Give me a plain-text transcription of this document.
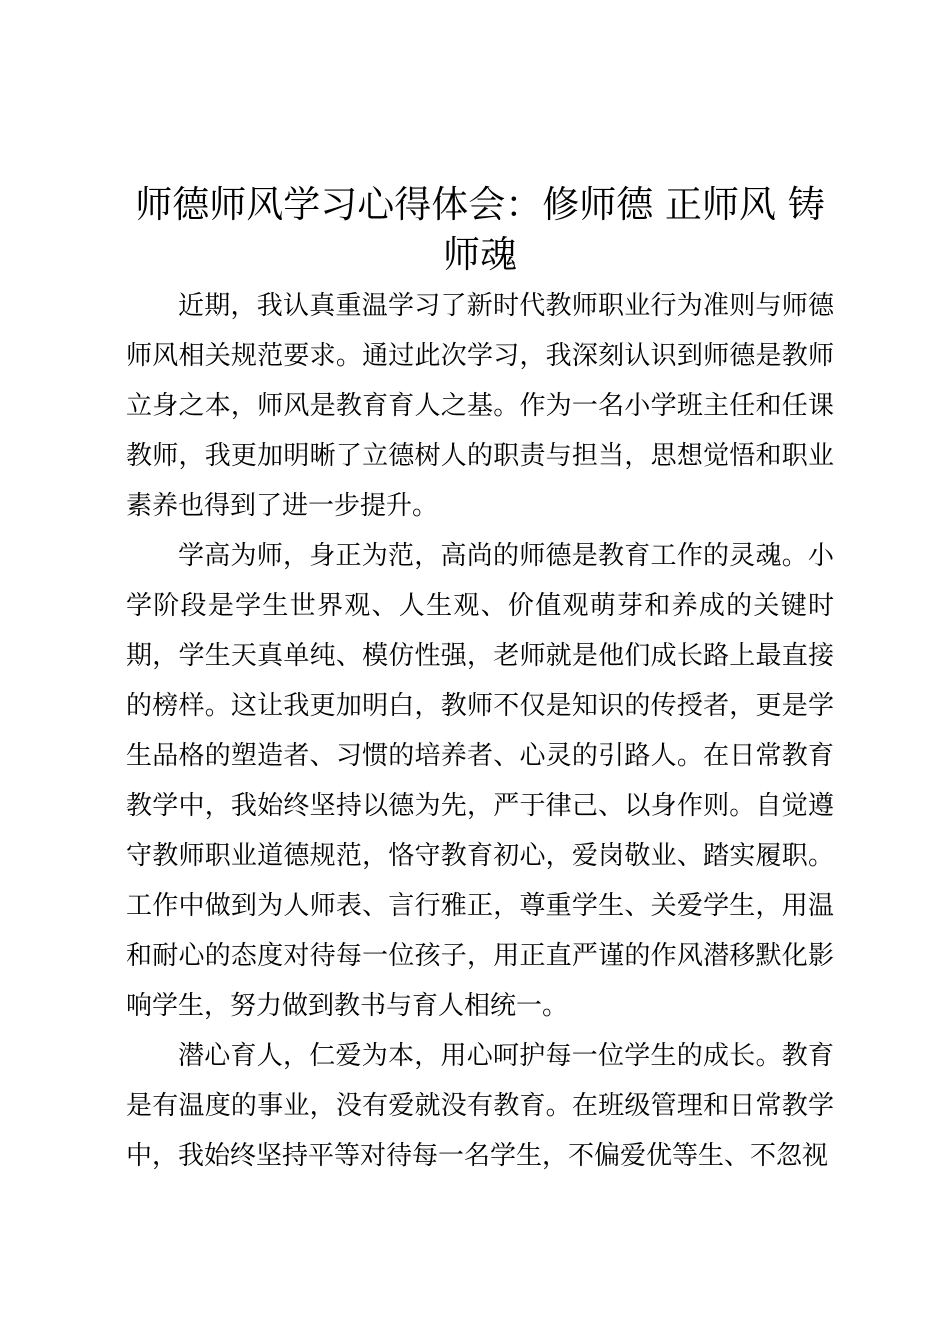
师德师风学习心得体会：修师德 正师风 铸师魂

近期，我认真重温学习了新时代教师职业行为准则与师德师风相关规范要求。通过此次学习，我深刻认识到师德是教师立身之本，师风是教育育人之基。作为一名小学班主任和任课教师，我更加明晰了立德树人的职责与担当，思想觉悟和职业素养也得到了进一步提升。

学高为师，身正为范，高尚的师德是教育工作的灵魂。小学阶段是学生世界观、人生观、价值观萌芽和养成的关键时期，学生天真单纯、模仿性强，老师就是他们成长路上最直接的榜样。这让我更加明白，教师不仅是知识的传授者，更是学生品格的塑造者、习惯的培养者、心灵的引路人。在日常教育教学中，我始终坚持以德为先，严于律己、以身作则。自觉遵守教师职业道德规范，恪守教育初心，爱岗敬业、踏实履职。工作中做到为人师表、言行雅正，尊重学生、关爱学生，用温和耐心的态度对待每一位孩子，用正直严谨的作风潜移默化影响学生，努力做到教书与育人相统一。

潜心育人，仁爱为本，用心呵护每一位学生的成长。教育是有温度的事业，没有爱就没有教育。在班级管理和日常教学中，我始终坚持平等对待每一名学生，不偏爱优等生、不忽视
